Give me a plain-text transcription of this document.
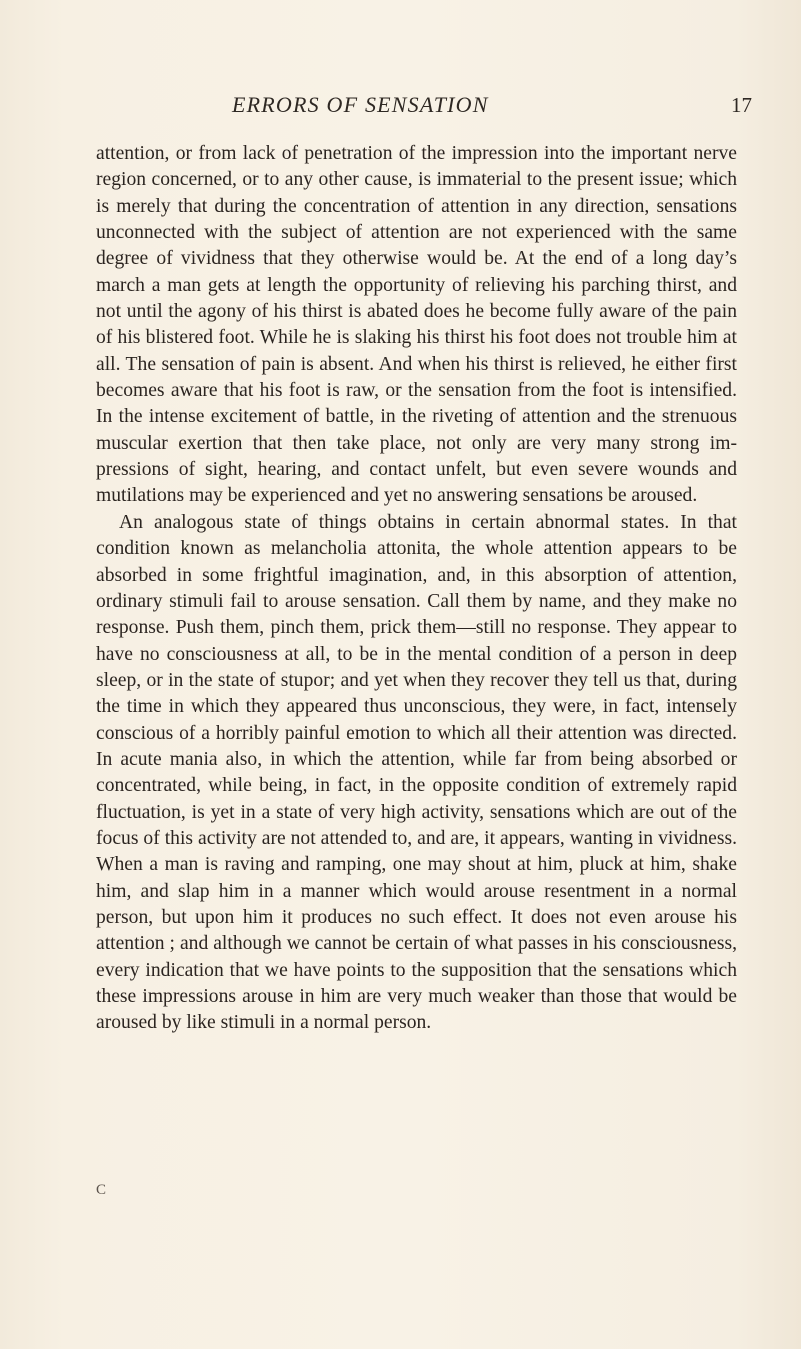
ERRORS OF SENSATION	17

attention, or from lack of penetration of the impression into the important nerve region concerned, or to any other cause, is immaterial to the present issue; which is merely that during the concentration of attention in any direction, sensations unconnected with the subject of attention are not experienced with the same degree of vividness that they otherwise would be. At the end of a long day’s march a man gets at length the opportunity of relieving his parching thirst, and not until the agony of his thirst is abated does he become fully aware of the pain of his blistered foot. While he is slaking his thirst his foot does not trouble him at all. The sensation of pain is absent. And when his thirst is relieved, he either first becomes aware that his foot is raw, or the sensation from the foot is intensified. In the intense excitement of battle, in the riveting of attention and the strenuous muscular exertion that then take place, not only are very many strong impressions of sight, hearing, and contact unfelt, but even severe wounds and mutilations may be experienced and yet no answering sensations be aroused.

An analogous state of things obtains in certain abnormal states. In that condition known as melancholia attonita, the whole attention appears to be absorbed in some frightful imagination, and, in this absorption of attention, ordinary stimuli fail to arouse sensation. Call them by name, and they make no response. Push them, pinch them, prick them—still no response. They appear to have no consciousness at all, to be in the mental condition of a person in deep sleep, or in the state of stupor; and yet when they recover they tell us that, during the time in which they appeared thus unconscious, they were, in fact, intensely conscious of a horribly painful emotion to which all their attention was directed. In acute mania also, in which the attention, while far from being absorbed or concentrated, while being, in fact, in the opposite condition of extremely rapid fluctuation, is yet in a state of very high activity, sensations which are out of the focus of this activity are not attended to, and are, it appears, wanting in vividness. When a man is raving and ramping, one may shout at him, pluck at him, shake him, and slap him in a manner which would arouse resentment in a normal person, but upon him it produces no such effect. It does not even arouse his attention ; and although we cannot be certain of what passes in his consciousness, every indication that we have points to the supposition that the sensations which these impressions arouse in him are very much weaker than those that would be aroused by like stimuli in a normal person.

C
